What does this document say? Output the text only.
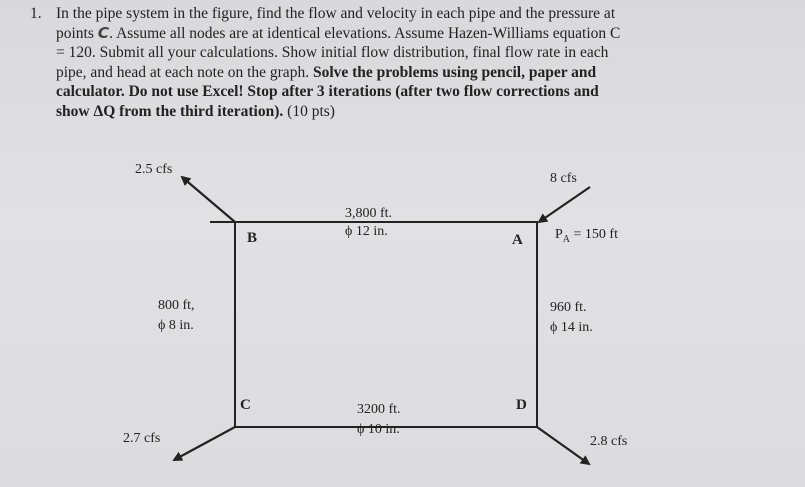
1. In the pipe system in the figure, find the flow and velocity in each pipe and the pressure at
points C. Assume all nodes are at identical elevations. Assume Hazen-Williams equation C
= 120. Submit all your calculations. Show initial flow distribution, final flow rate in each
pipe, and head at each note on the graph. Solve the problems using pencil, paper and
calculator. Do not use Excel! Stop after 3 iterations (after two flow corrections and
show ΔQ from the third iteration). (10 pts)
B	A
C	D
2.5 cfs
8 cfs
2.7 cfs	2.8 cfs
$P_A = 150$ ft
3,800 ft.
ϕ 12 in.
800 ft,
ϕ 8 in.
960 ft.
ϕ 14 in.
3200 ft.
ϕ 10 in.
